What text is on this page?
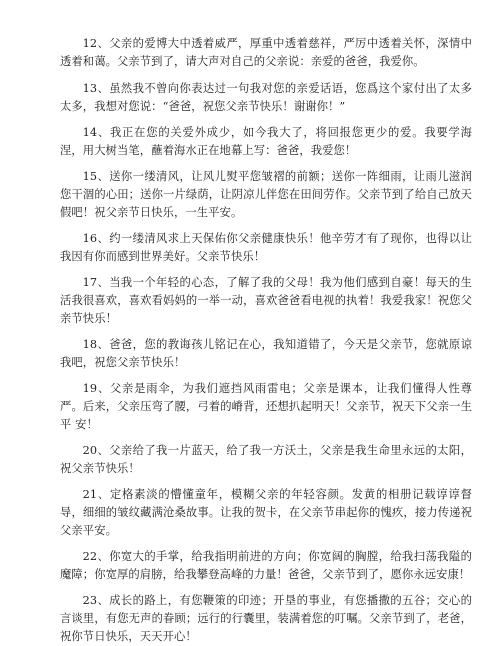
12、父亲的爱博大中透着威严，厚重中透着慈祥，严厉中透着关怀，深情中透着和蔼。父亲节到了，请大声对自己的父亲说：亲爱的爸爸，我爱你。

13、虽然我不曾向你表达过一句我对您的亲爱话语，您爲这个家付出了太多太多，我想对您说：“爸爸，祝您父亲节快乐！谢谢你！”

14、我正在您的关爱外成少，如今我大了，将回报您更少的爱。我要学海涅，用大树当笔，蘸着海水正在地幕上写：爸爸，我爱您！

15、送你一缕清风，让风儿熨平您皱褶的前额；送你一阵细雨，让雨儿滋润您干涸的心田；送你一片绿荫，让阴凉儿伴您在田间劳作。父亲节到了给自己放天假吧！祝父亲节日快乐，一生平安。

16、约一缕清风求上天保佑你父亲健康快乐！他辛劳才有了现你，也得以让我因有你而感到世界美好。父亲节快乐！

17、当我一个年轻的心态，了解了我的父母！我为他们感到自豪！每天的生活我很喜欢，喜欢看妈妈的一举一动，喜欢爸爸看电视的执着！我爱我家！祝您父亲节快乐！

18、爸爸，您的教诲孩儿铭记在心，我知道错了，今天是父亲节，您就原谅我吧，祝您父亲节快乐！

19、父亲是雨伞，为我们遮挡风雨雷电；父亲是课本，让我们懂得人性尊严。后来，父亲压弯了腰，弓着的嵴背，还想扒起明天！父亲节，祝天下父亲一生平 安！

20、父亲给了我一片蓝天，给了我一方沃土，父亲是我生命里永远的太阳，祝父亲节快乐！

21、定格素淡的懵懂童年，模糊父亲的年轻容颜。发黄的相册记载谆谆督导，细细的皱纹藏满沧桑故事。让我的贺卡，在父亲节串起你的愧疚，接力传递祝父亲平安。

22、你宽大的手掌，给我指明前进的方向；你宽阔的胸膛，给我扫荡我隘的魔障；你宽厚的肩膀，给我攀登高峰的力量！爸爸，父亲节到了，愿你永远安康！

23、成长的路上，有您鞭策的印迹；开垦的事业，有您播撒的五谷；交心的言谈里，有您无声的眷顾；远行的行囊里，装满着您的叮嘱。父亲节到了，老爸，祝你节日快乐，天天开心！
